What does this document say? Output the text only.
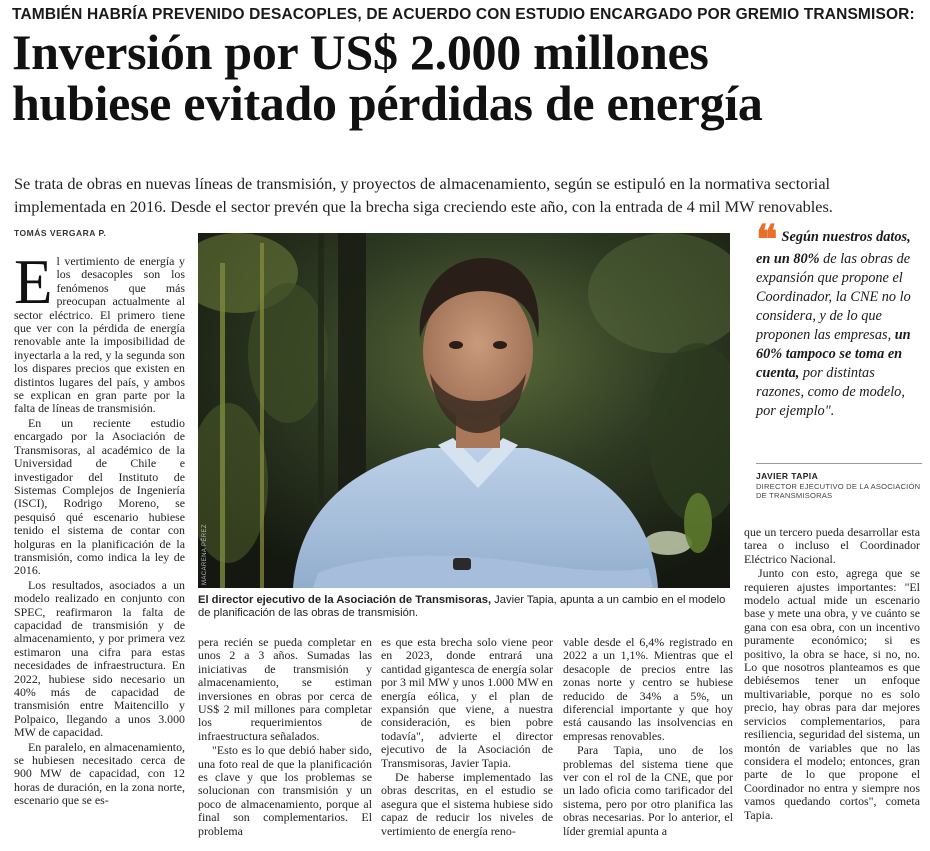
TAMBIÉN HABRÍA PREVENIDO DESACOPLES, DE ACUERDO CON ESTUDIO ENCARGADO POR GREMIO TRANSMISOR:
Inversión por US$ 2.000 millones
hubiese evitado pérdidas de energía

Se trata de obras en nuevas líneas de transmisión, y proyectos de almacenamiento, según se estipuló en la normativa sectorial implementada en 2016. Desde el sector prevén que la brecha siga creciendo este año, con la entrada de 4 mil MW renovables.

TOMÁS VERGARA P.

El vertimiento de energía y los desacoples son los fenómenos que más preocupan actualmente al sector eléctrico. El primero tiene que ver con la pérdida de energía renovable ante la imposibilidad de inyectarla a la red, y la segunda son los dispares precios que existen en distintos lugares del país, y ambos se explican en gran parte por la falta de líneas de transmisión.

En un reciente estudio encargado por la Asociación de Transmisoras, al académico de la Universidad de Chile e investigador del Instituto de Sistemas Complejos de Ingeniería (ISCI), Rodrigo Moreno, se pesquisó qué escenario hubiese tenido el sistema de contar con holguras en la planificación de la transmisión, como indica la ley de 2016.

Los resultados, asociados a un modelo realizado en conjunto con SPEC, reafirmaron la falta de capacidad de transmisión y de almacenamiento, y por primera vez estimaron una cifra para estas necesidades de infraestructura. En 2022, hubiese sido necesario un 40% más de capacidad de transmisión entre Maitencillo y Polpaico, llegando a unos 3.000 MW de capacidad.

En paralelo, en almacenamiento, se hubiesen necesitado cerca de 900 MW de capacidad, con 12 horas de duración, en la zona norte, escenario que se es-

MACARENA PÉREZ

El director ejecutivo de la Asociación de Transmisoras, Javier Tapia, apunta a un cambio en el modelo de planificación de las obras de transmisión.

❝ Según nuestros datos, en un 80% de las obras de expansión que propone el Coordinador, la CNE no lo considera, y de lo que proponen las empresas, un 60% tampoco se toma en cuenta, por distintas razones, como de modelo, por ejemplo".
JAVIER TAPIA
DIRECTOR EJECUTIVO DE LA ASOCIACIÓN DE TRANSMISORAS

pera recién se pueda completar en unos 2 a 3 años. Sumadas las iniciativas de transmisión y almacenamiento, se estiman inversiones en obras por cerca de US$ 2 mil millones para completar los requerimientos de infraestructura señalados.

"Esto es lo que debió haber sido, una foto real de que la planificación es clave y que los problemas se solucionan con transmisión y un poco de almacenamiento, porque al final son complementarios. El problema

es que esta brecha solo viene peor en 2023, donde entrará una cantidad gigantesca de energía solar por 3 mil MW y unos 1.000 MW en energía eólica, y el plan de expansión que viene, a nuestra consideración, es bien pobre todavía", advierte el director ejecutivo de la Asociación de Transmisoras, Javier Tapia.

De haberse implementado las obras descritas, en el estudio se asegura que el sistema hubiese sido capaz de reducir los niveles de vertimiento de energía reno-

vable desde el 6,4% registrado en 2022 a un 1,1%. Mientras que el desacople de precios entre las zonas norte y centro se hubiese reducido de 34% a 5%, un diferencial importante y que hoy está causando las insolvencias en empresas renovables.

Para Tapia, uno de los problemas del sistema tiene que ver con el rol de la CNE, que por un lado oficia como tarificador del sistema, pero por otro planifica las obras necesarias. Por lo anterior, el líder gremial apunta a

que un tercero pueda desarrollar esta tarea o incluso el Coordinador Eléctrico Nacional.

Junto con esto, agrega que se requieren ajustes importantes: "El modelo actual mide un escenario base y mete una obra, y ve cuánto se gana con esa obra, con un incentivo puramente económico; si es positivo, la obra se hace, si no, no. Lo que nosotros planteamos es que debiésemos tener un enfoque multivariable, porque no es solo precio, hay obras para dar mejores servicios complementarios, para resiliencia, seguridad del sistema, un montón de variables que no las considera el modelo; entonces, gran parte de lo que propone el Coordinador no entra y siempre nos vamos quedando cortos", cometa Tapia.
